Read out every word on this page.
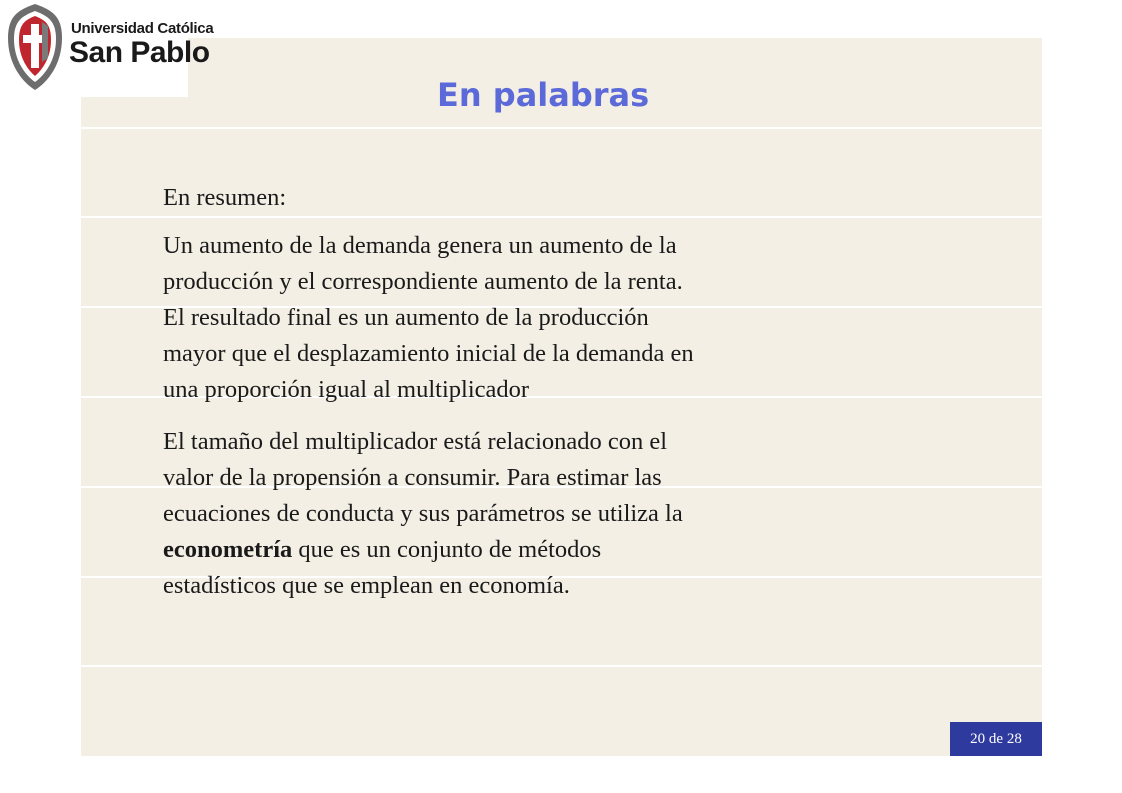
Universidad Católica
San Pablo
En palabras
En resumen:
Un aumento de la demanda genera un aumento de la
producción y el correspondiente aumento de la renta.
El resultado final es un aumento de la producción
mayor que el desplazamiento inicial de la demanda en
una proporción igual al multiplicador
El tamaño del multiplicador está relacionado con el
valor de la propensión a consumir. Para estimar las
ecuaciones de conducta y sus parámetros se utiliza la
econometría que es un conjunto de métodos
estadísticos que se emplean en economía.
20 de 28
